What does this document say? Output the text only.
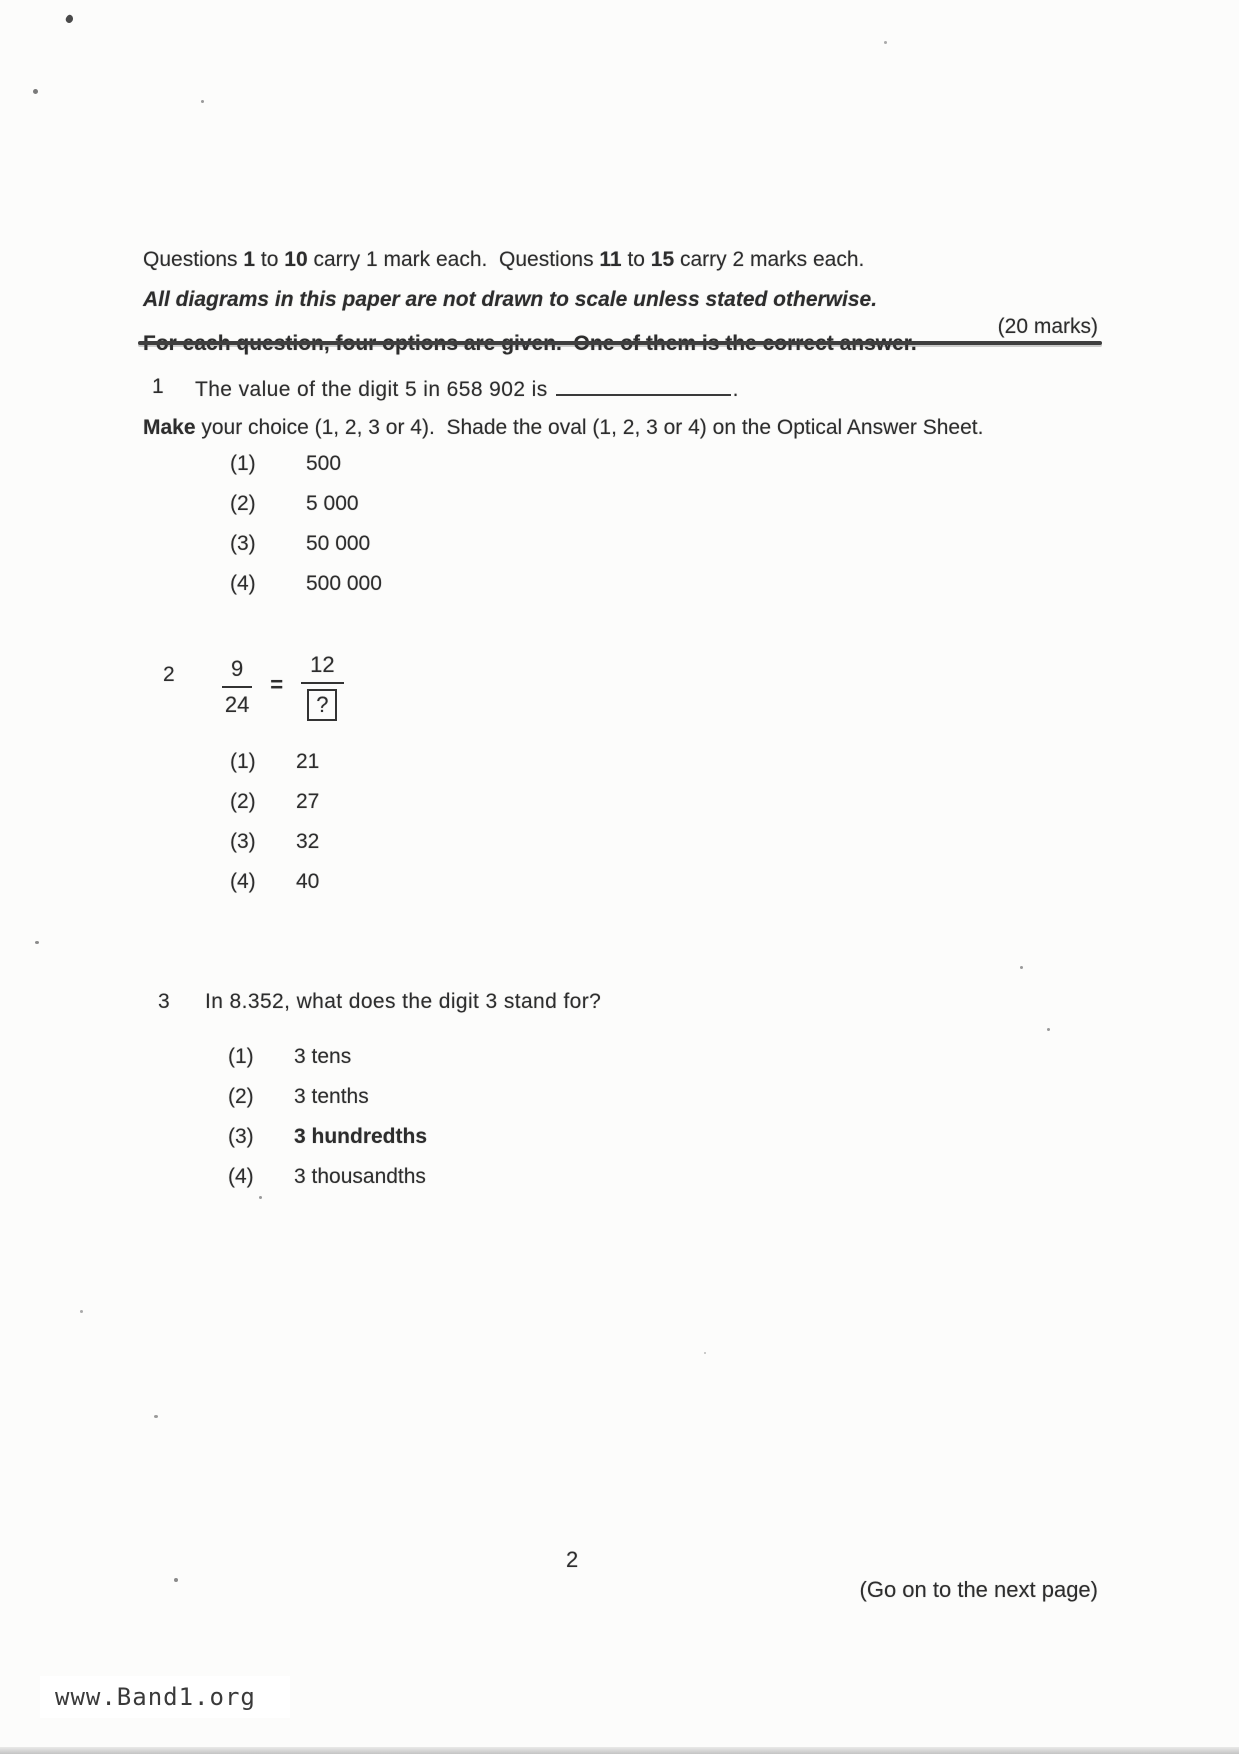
Questions 1 to 10 carry 1 mark each.  Questions 11 to 15 carry 2 marks each.

Make your choice (1, 2, 3 or 4).  Shade the oval (1, 2, 3 or 4) on the Optical Answer Sheet.

All diagrams in this paper are not drawn to scale unless stated otherwise.
(20 marks)
1 The value of the digit 5 in 658 902 is	.
(1)	500
(2)	5 000
(3)	50 000
(4)	500 000
$2 \frac{9}{24} = \frac{12}{?}$
(1)	21
(2)	27
(3)	32
(4)	40
3 In 8.352, what does the digit 3 stand for?
(1)	3 tens
(2)	3 tenths
(3)	3 hundredths
(4)	3 thousandths
2
(Go on to the next page)
www.Band1.org
